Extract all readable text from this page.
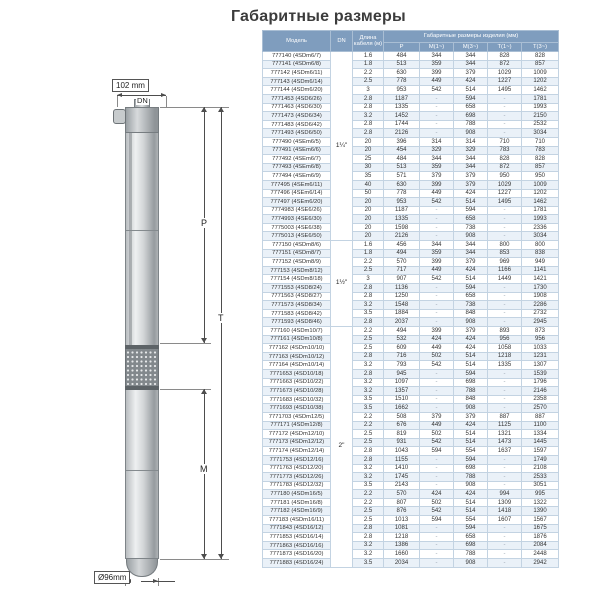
Габаритные размеры
102 mm
DN
P
M
T
Ø96mm
Модель	DN	Длина
кабеля (м)	Габаритные размеры изделия (мм)				
			P	М(1~)	М(3~)	Т(1~)	Т(3~)
777140 (4SDm6/7)	1¼"	1.6	484	344	344	828	828
777141 (4SDm6/8)		1.8	513	359	344	872	857
777142 (4SDm6/11)		2.2	630	399	379	1029	1009
777143 (4SDm6/14)		2.5	778	449	424	1227	1202
777144 (4SDm6/20)		3	953	542	514	1495	1462
7771453 (4SD6/26)		2.8	1187	-	594	-	1781
7771463 (4SD6/30)		2.8	1335	-	658	-	1993
7771473 (4SD6/34)		3.2	1452	-	698	-	2150
7771483 (4SD6/42)		2.8	1744	-	788	-	2532
7771493 (4SD6/50)		2.8	2126	-	908	-	3034
777490 (4SEm6/5)		20	396	314	314	710	710
777491 (4SEm6/6)		20	454	329	329	783	783
777492 (4SEm6/7)		25	484	344	344	828	828
777493 (4SEm6/8)		30	513	359	344	872	857
777494 (4SEm6/9)		35	571	379	379	950	950
777495 (4SEm6/11)		40	630	399	379	1029	1009
777496 (4SEm6/14)		50	778	449	424	1227	1202
777497 (4SEm6/20)		20	953	542	514	1495	1462
7774983 (4SE6/26)		20	1187	-	594	-	1781
7774993 (4SE6/30)		20	1335	-	658	-	1993
7775003 (4SE6/38)		20	1598	-	738	-	2336
7775013 (4SE6/50)		20	2126	-	908	-	3034
777150 (4SDm8/6)	1½"	1.6	456	344	344	800	800
777151 (4SDm8/7)		1.8	494	359	344	853	838
777152 (4SDm8/9)		2.2	570	399	379	969	949
777153 (4SDm8/12)		2.5	717	449	424	1166	1141
777154 (4SDm8/18)		3	907	542	514	1449	1421
7771553 (4SD8/24)		2.8	1136	-	594	-	1730
7771563 (4SD8/27)		2.8	1250	-	658	-	1908
7771573 (4SD8/34)		3.2	1548	-	738	-	2286
7771583 (4SD8/42)		3.5	1884	-	848	-	2732
7771593 (4SD8/46)		2.8	2037	-	908	-	2945
777160 (4SDm10/7)	2"	2.2	494	399	379	893	873
777161 (4SDm10/8)		2.5	532	424	424	956	956
777162 (4SDm10/10)		2.5	609	449	424	1058	1033
777163 (4SDm10/12)		2.8	716	502	514	1218	1231
777164 (4SDm10/14)		3.2	793	542	514	1335	1307
7771653 (4SD10/18)		2.8	945	-	594	-	1539
7771663 (4SD10/22)		3.2	1097	-	698	-	1796
7771673 (4SD10/28)		3.2	1357	-	788	-	2146
7771683 (4SD10/32)		3.5	1510	-	848	-	2358
7771693 (4SD10/38)		3.5	1662	-	908	-	2570
7771703 (4SDm12/5)		2.2	508	379	379	887	887
777171 (4SDm12/8)		2.2	676	449	424	1125	1100
777172 (4SDm12/10)		2.5	819	502	514	1321	1334
777173 (4SDm12/12)		2.5	931	542	514	1473	1445
777174 (4SDm12/14)		2.8	1043	594	554	1637	1597
7771753 (4SD12/16)		2.8	1155	-	594	-	1749
7771763 (4SD12/20)		3.2	1410	-	698	-	2108
7771773 (4SD12/26)		3.2	1745	-	788	-	2533
7771783 (4SD12/32)		3.5	2143	-	908	-	3051
777180 (4SDm16/5)		2.2	570	424	424	994	995
777181 (4SDm16/8)		2.2	807	502	514	1309	1322
777182 (4SDm16/9)		2.5	876	542	514	1418	1390
777183 (4SDm16/11)		2.5	1013	594	554	1607	1567
7771843 (4SD16/12)		2.8	1081	-	594	-	1675
7771853 (4SD16/14)		2.8	1218	-	658	-	1876
7771863 (4SD16/16)		3.2	1386	-	698	-	2084
7771873 (4SD16/20)		3.2	1660	-	788	-	2448
7771883 (4SD16/24)		3.5	2034	-	908	-	2942
